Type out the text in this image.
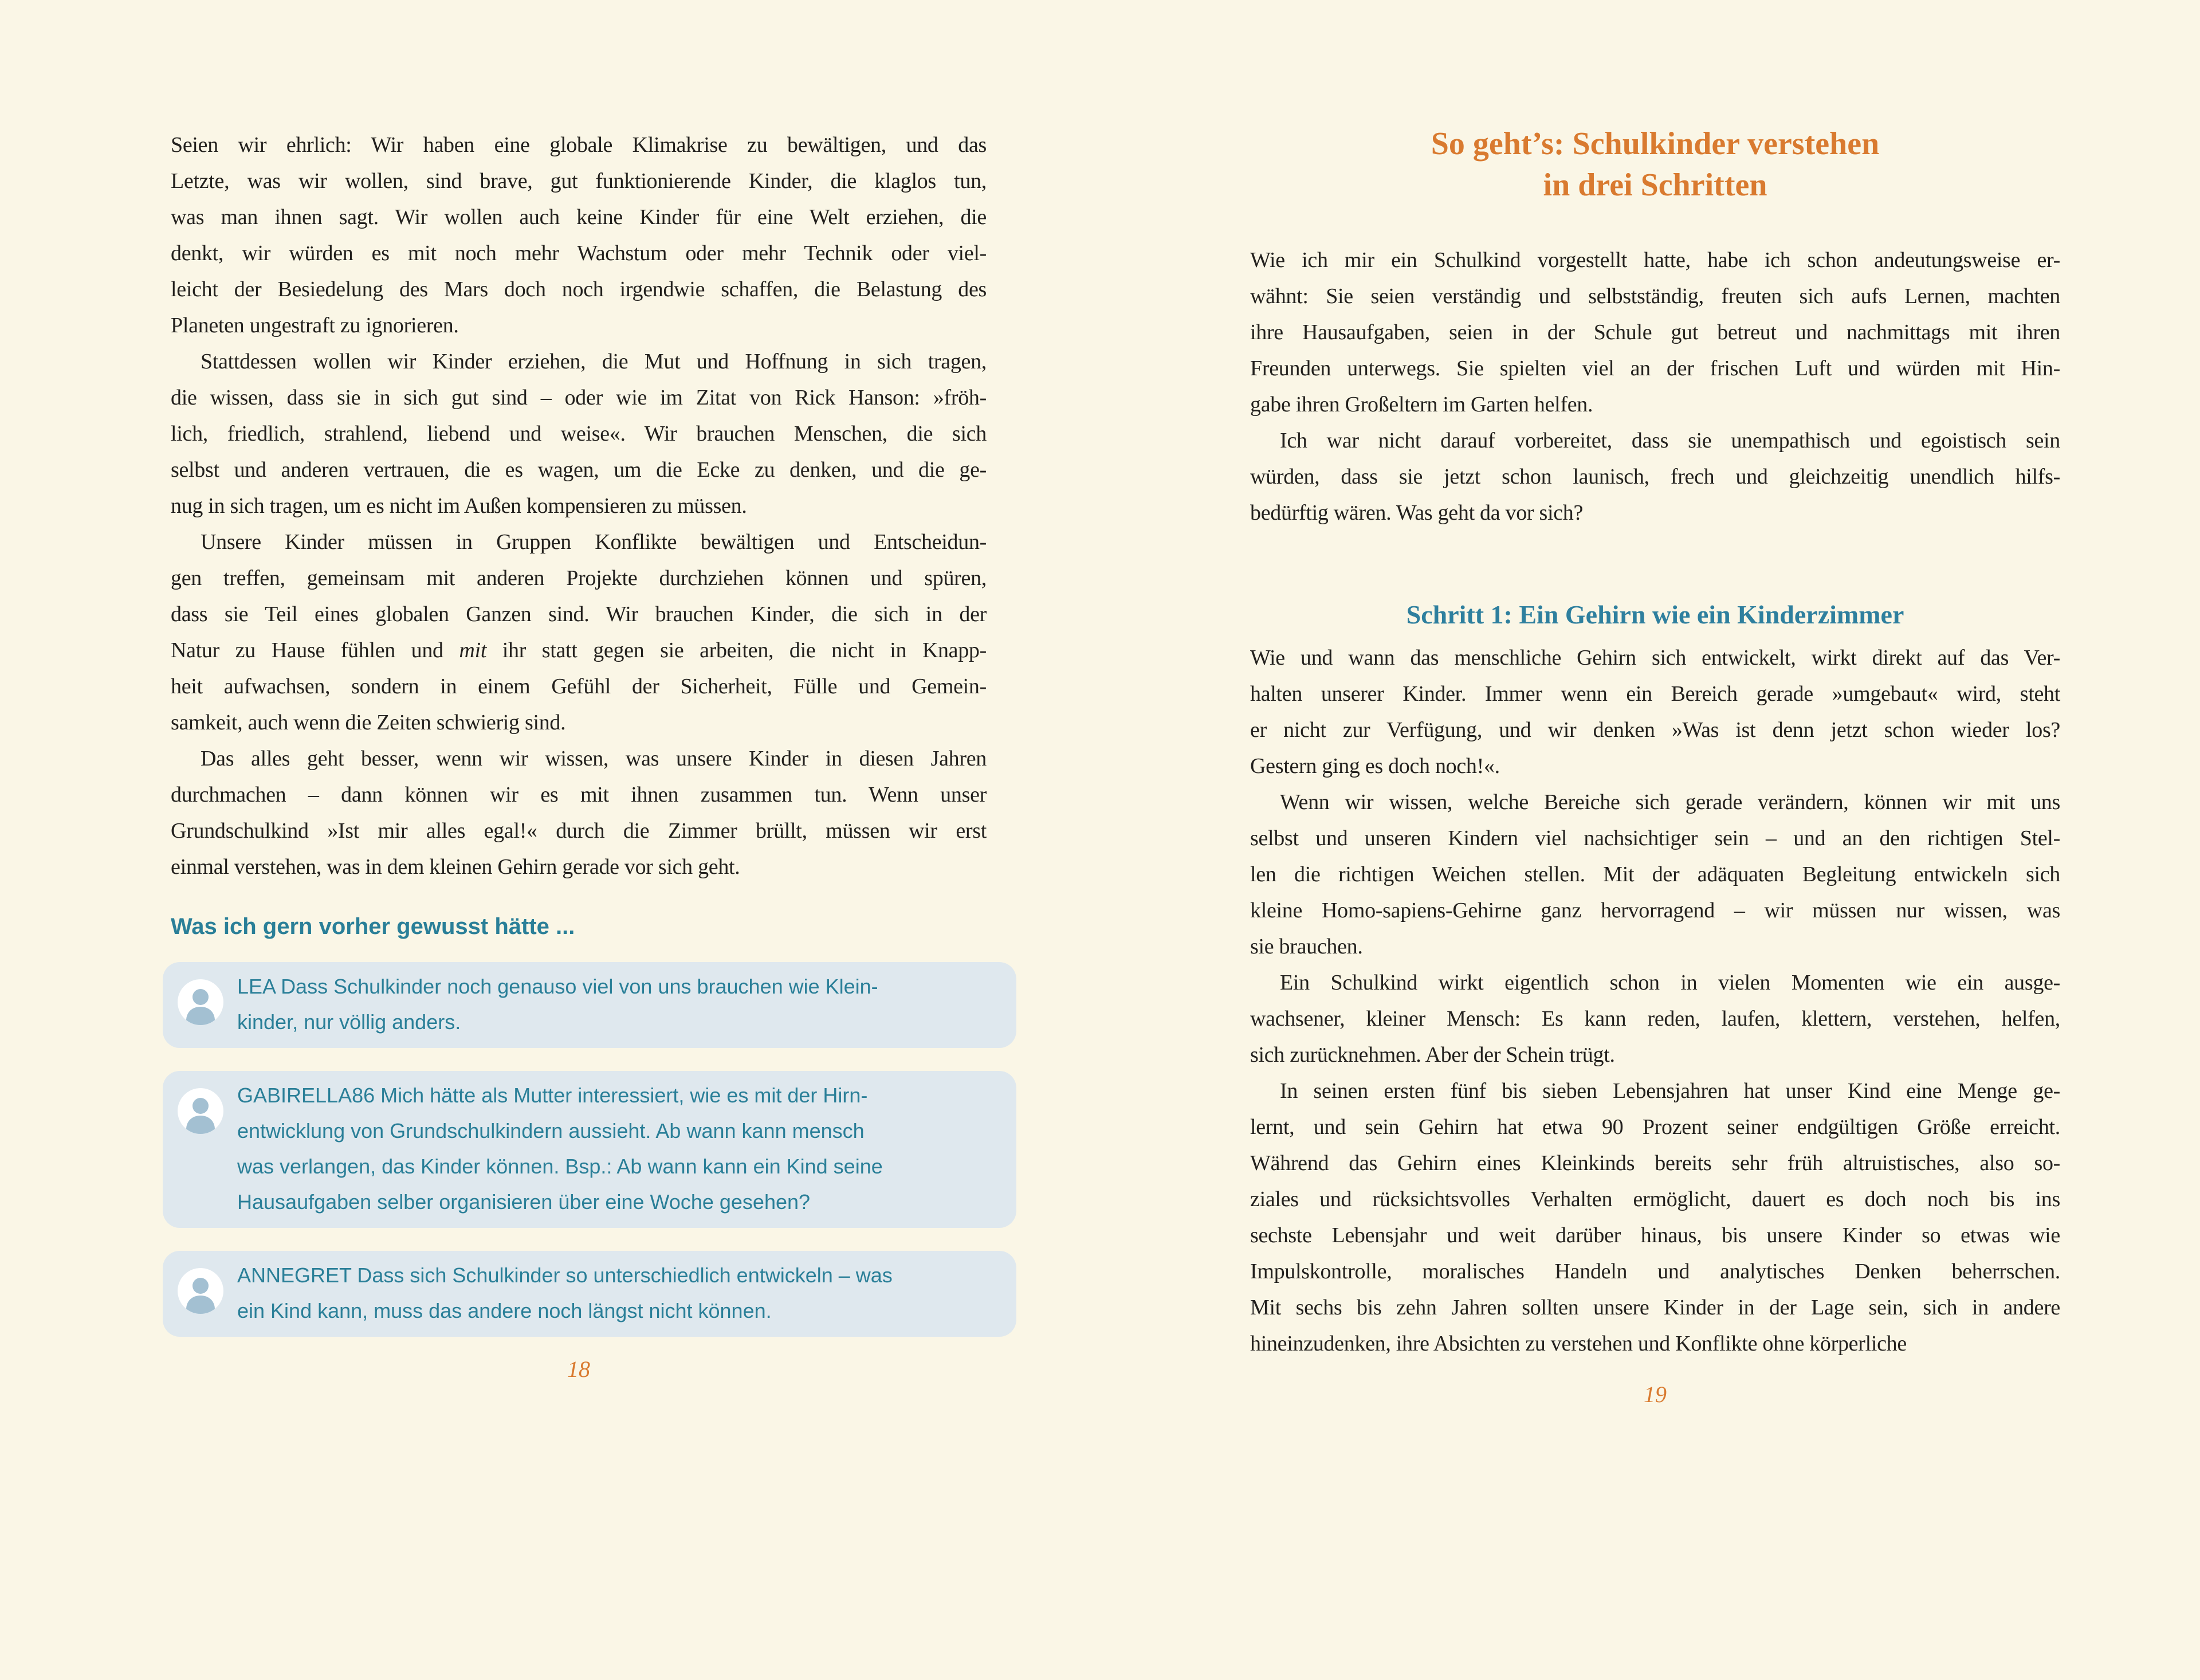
Seien wir ehrlich: Wir haben eine globale Klimakrise zu bewältigen, und das
Letzte, was wir wollen, sind brave, gut funktionierende Kinder, die klaglos tun,
was man ihnen sagt. Wir wollen auch keine Kinder für eine Welt erziehen, die
denkt, wir würden es mit noch mehr Wachstum oder mehr Technik oder viel-
leicht der Besiedelung des Mars doch noch irgendwie schaffen, die Belastung des
Planeten ungestraft zu ignorieren.
Stattdessen wollen wir Kinder erziehen, die Mut und Hoffnung in sich tragen,
die wissen, dass sie in sich gut sind – oder wie im Zitat von Rick Hanson: »fröh-
lich, friedlich, strahlend, liebend und weise«. Wir brauchen Menschen, die sich
selbst und anderen vertrauen, die es wagen, um die Ecke zu denken, und die ge-
nug in sich tragen, um es nicht im Außen kompensieren zu müssen.
Unsere Kinder müssen in Gruppen Konflikte bewältigen und Entscheidun-
gen treffen, gemeinsam mit anderen Projekte durchziehen können und spüren,
dass sie Teil eines globalen Ganzen sind. Wir brauchen Kinder, die sich in der
Natur zu Hause fühlen und mit ihr statt gegen sie arbeiten, die nicht in Knapp-
heit aufwachsen, sondern in einem Gefühl der Sicherheit, Fülle und Gemein-
samkeit, auch wenn die Zeiten schwierig sind.
Das alles geht besser, wenn wir wissen, was unsere Kinder in diesen Jahren
durchmachen – dann können wir es mit ihnen zusammen tun. Wenn unser
Grundschulkind »Ist mir alles egal!« durch die Zimmer brüllt, müssen wir erst
einmal verstehen, was in dem kleinen Gehirn gerade vor sich geht.
Was ich gern vorher gewusst hätte ...
LEA Dass Schulkinder noch genauso viel von uns brauchen wie Klein-
kinder, nur völlig anders.
GABIRELLA86 Mich hätte als Mutter interessiert, wie es mit der Hirn-
entwicklung von Grundschulkindern aussieht. Ab wann kann mensch
was verlangen, das Kinder können. Bsp.: Ab wann kann ein Kind seine
Hausaufgaben selber organisieren über eine Woche gesehen?
ANNEGRET Dass sich Schulkinder so unterschiedlich entwickeln – was
ein Kind kann, muss das andere noch längst nicht können.
18
So geht’s: Schulkinder verstehen
in drei Schritten
Wie ich mir ein Schulkind vorgestellt hatte, habe ich schon andeutungsweise er-
wähnt: Sie seien verständig und selbstständig, freuten sich aufs Lernen, machten
ihre Hausaufgaben, seien in der Schule gut betreut und nachmittags mit ihren
Freunden unterwegs. Sie spielten viel an der frischen Luft und würden mit Hin-
gabe ihren Großeltern im Garten helfen.
Ich war nicht darauf vorbereitet, dass sie unempathisch und egoistisch sein
würden, dass sie jetzt schon launisch, frech und gleichzeitig unendlich hilfs-
bedürftig wären. Was geht da vor sich?
Schritt 1: Ein Gehirn wie ein Kinderzimmer
Wie und wann das menschliche Gehirn sich entwickelt, wirkt direkt auf das Ver-
halten unserer Kinder. Immer wenn ein Bereich gerade »umgebaut« wird, steht
er nicht zur Verfügung, und wir denken »Was ist denn jetzt schon wieder los?
Gestern ging es doch noch!«.
Wenn wir wissen, welche Bereiche sich gerade verändern, können wir mit uns
selbst und unseren Kindern viel nachsichtiger sein – und an den richtigen Stel-
len die richtigen Weichen stellen. Mit der adäquaten Begleitung entwickeln sich
kleine Homo-sapiens-Gehirne ganz hervorragend – wir müssen nur wissen, was
sie brauchen.
Ein Schulkind wirkt eigentlich schon in vielen Momenten wie ein ausge-
wachsener, kleiner Mensch: Es kann reden, laufen, klettern, verstehen, helfen,
sich zurücknehmen. Aber der Schein trügt.
In seinen ersten fünf bis sieben Lebensjahren hat unser Kind eine Menge ge-
lernt, und sein Gehirn hat etwa 90 Prozent seiner endgültigen Größe erreicht.
Während das Gehirn eines Kleinkinds bereits sehr früh altruistisches, also so-
ziales und rücksichtsvolles Verhalten ermöglicht, dauert es doch noch bis ins
sechste Lebensjahr und weit darüber hinaus, bis unsere Kinder so etwas wie
Impulskontrolle, moralisches Handeln und analytisches Denken beherrschen.
Mit sechs bis zehn Jahren sollten unsere Kinder in der Lage sein, sich in andere
hineinzudenken, ihre Absichten zu verstehen und Konflikte ohne körperliche
19
